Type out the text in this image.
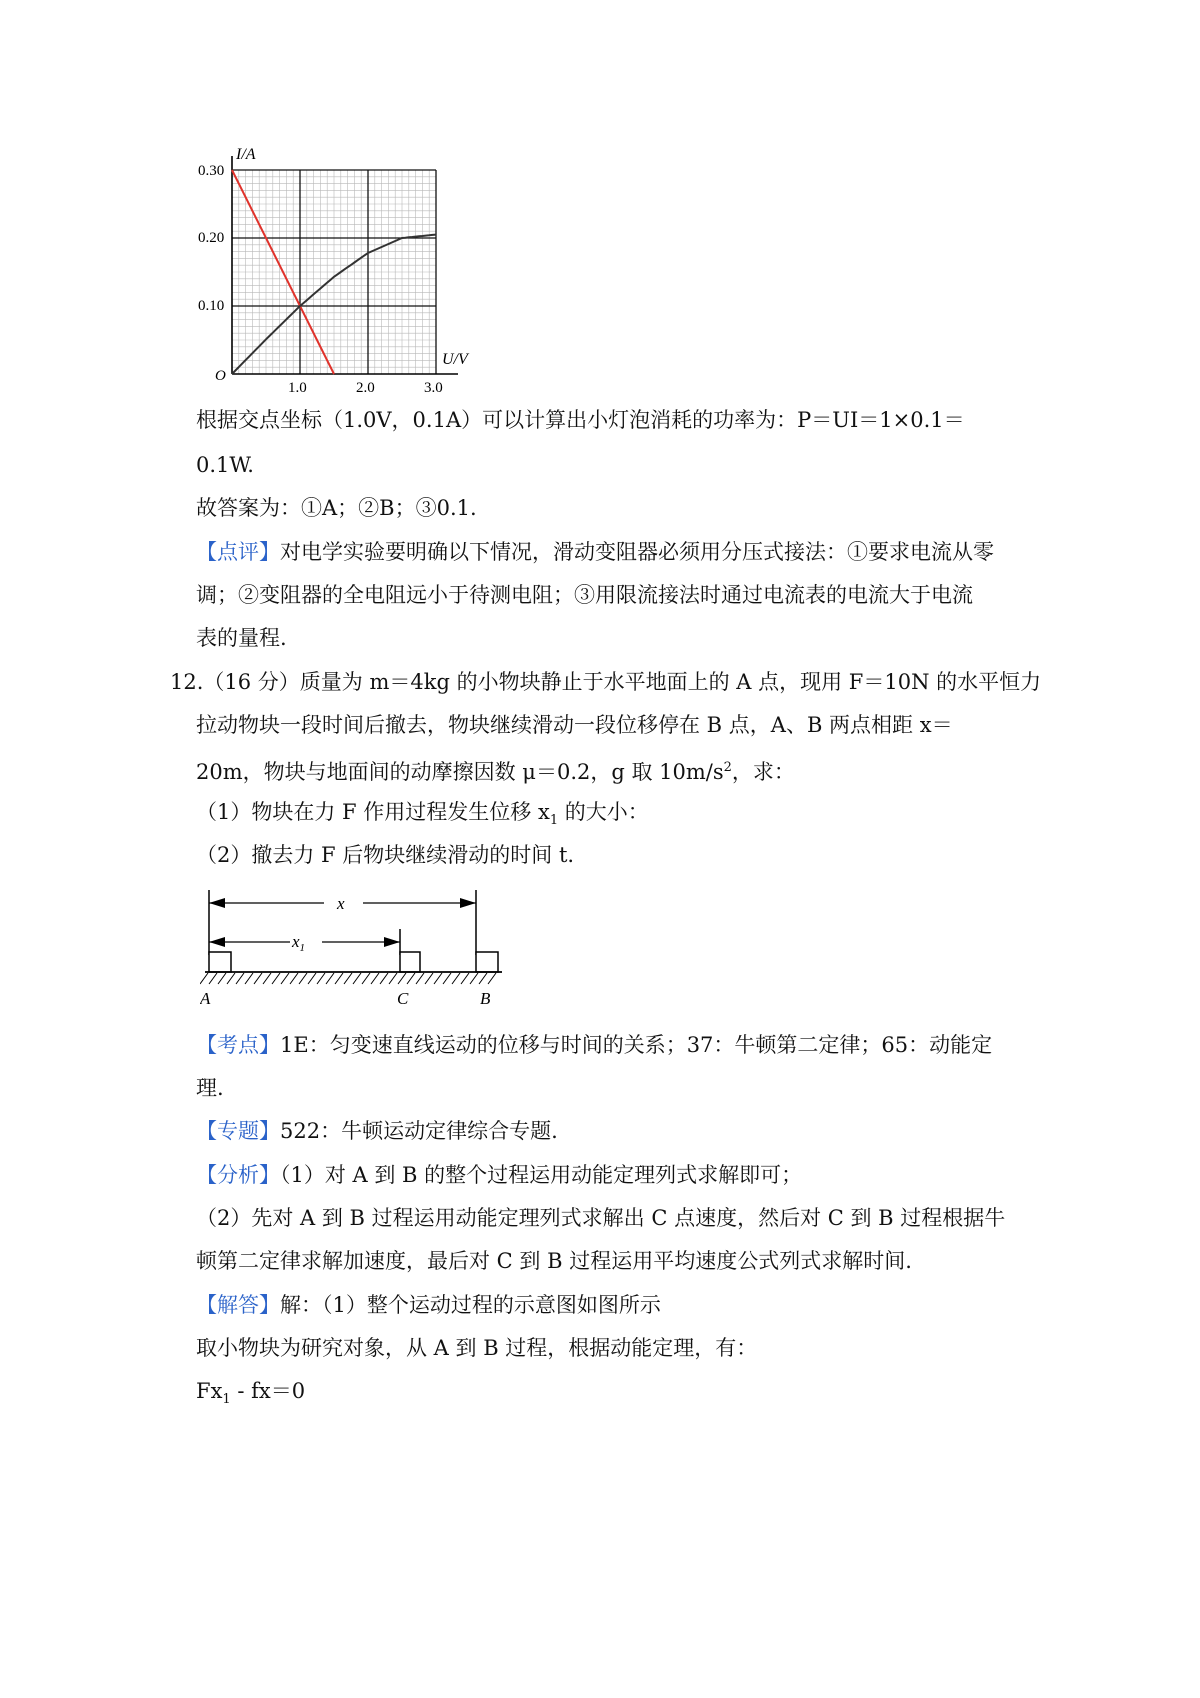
I/A
U/V
O
0.30
0.20
0.10
1.0	2.0	3.0
根据交点坐标（1.0V，0.1A）可以计算出小灯泡消耗的功率为：P＝UI＝1×0.1＝
0.1W.
故答案为：①A；②B；③0.1.
【点评】对电学实验要明确以下情况，滑动变阻器必须用分压式接法：①要求电流从零
调；②变阻器的全电阻远小于待测电阻；③用限流接法时通过电流表的电流大于电流
表的量程.
12.（16 分）质量为 m＝4kg 的小物块静止于水平地面上的 A 点，现用 F＝10N 的水平恒力
拉动物块一段时间后撤去，物块继续滑动一段位移停在 B 点，A、B 两点相距 x＝
20m，物块与地面间的动摩擦因数 μ＝0.2，g 取 $10m/s^2$，求：
（1）物块在力 F 作用过程发生位移 $x_1$ 的大小：
（2）撤去力 F 后物块继续滑动的时间 t.
x
$x_1$
A	C	B
【考点】1E：匀变速直线运动的位移与时间的关系；37：牛顿第二定律；65：动能定
理.
【专题】522：牛顿运动定律综合专题.
【分析】（1）对 A 到 B 的整个过程运用动能定理列式求解即可；
（2）先对 A 到 B 过程运用动能定理列式求解出 C 点速度，然后对 C 到 B 过程根据牛
顿第二定律求解加速度，最后对 C 到 B 过程运用平均速度公式列式求解时间.
【解答】解：（1）整个运动过程的示意图如图所示
取小物块为研究对象，从 A 到 B 过程，根据动能定理，有：
$Fx_1 - fx=0$
